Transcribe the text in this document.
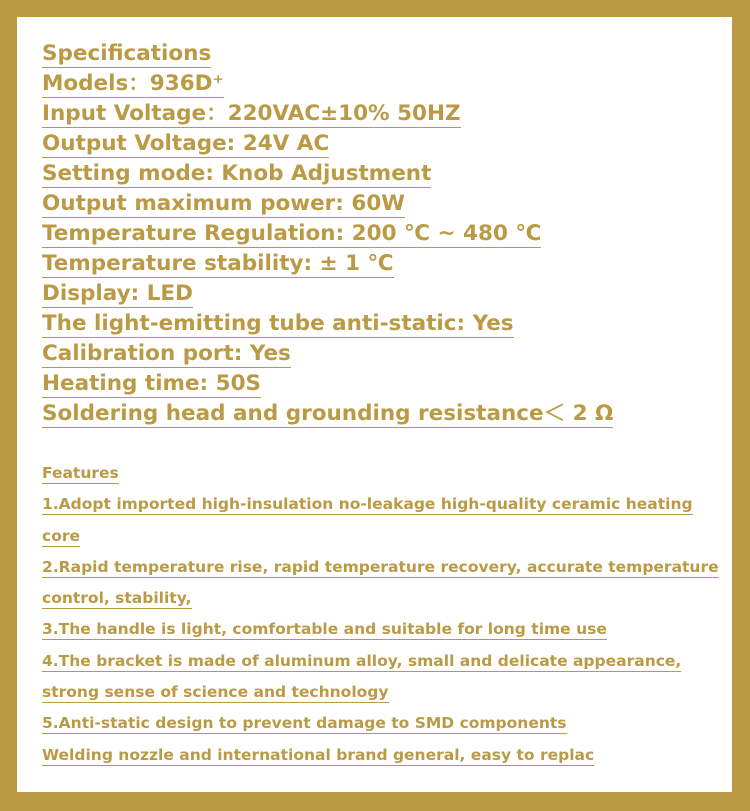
Specifications
Models：936D⁺
Input Voltage：220VAC±10% 50HZ
Output Voltage: 24V AC
Setting mode: Knob Adjustment
Output maximum power: 60W
Temperature Regulation: 200 ℃ ~ 480 ℃
Temperature stability: ± 1 ℃
Display: LED
The light-emitting tube anti-static: Yes
Calibration port: Yes
Heating time: 50S
Soldering head and grounding resistance＜ 2 Ω
Features
1.Adopt imported high-insulation no-leakage high-quality ceramic heating
core
2.Rapid temperature rise, rapid temperature recovery, accurate temperature
control, stability,
3.The handle is light, comfortable and suitable for long time use
4.The bracket is made of aluminum alloy, small and delicate appearance,
strong sense of science and technology
5.Anti-static design to prevent damage to SMD components
Welding nozzle and international brand general, easy to replac
